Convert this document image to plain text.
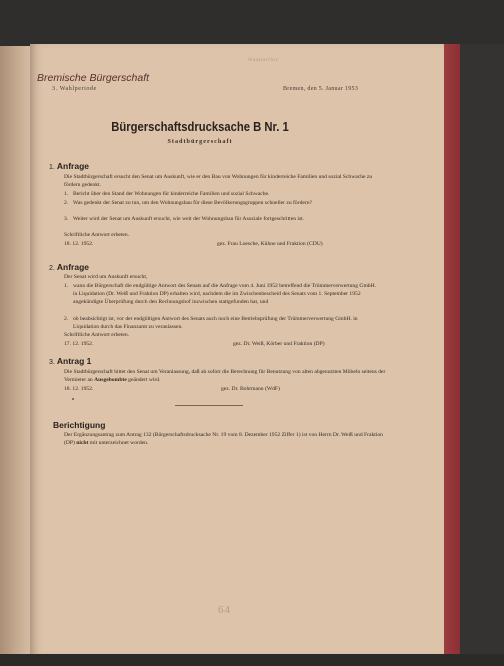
Staatsarchiv
Bremische Bürgerschaft
3. Wahlperiode	Bremen, den 5. Januar 1953
Bürgerschaftsdrucksache B Nr. 1
Stadtbürgerschaft
1. Anfrage
Die Stadtbürgerschaft ersucht den Senat um Auskunft, wie er den Bau von Wohnungen für kinderreiche Familien und sozial Schwache zu fördern gedenkt.
1. Bericht über den Stand der Wohnungen für kinderreiche Familien und sozial Schwache.
2. Was gedenkt der Senat zu tun, um den Wohnungsbau für diese Bevölkerungsgruppen schneller zu fördern?
3. Weiter wird der Senat um Auskunft ersucht, wie weit der Wohnungsbau für Asoziale fortgeschritten ist.
Schriftliche Antwort erbeten.
18. 12. 1952.	gez. Frau Loesche, Kühne und Fraktion (CDU)
2. Anfrage
Der Senat wird um Auskunft ersucht,
1. wann die Bürgerschaft die endgültige Antwort des Senats auf die Anfrage vom 4. Juni 1952 betreffend die Trümmerverwertung GmbH. in Liquidation (Dr. Weiß und Fraktion DP) erhalten wird, nachdem die im Zwischenbescheid des Senats vom 1. September 1952 angekündigte Überprüfung durch den Rechnungshof inzwischen stattgefunden hat, und
2. ob beabsichtigt ist, vor der endgültigen Antwort des Senats auch noch eine Betriebsprüfung der Trümmerverwertung GmbH. in Liquidation durch das Finanzamt zu veranlassen.
Schriftliche Antwort erbeten.
17. 12. 1952.	gez. Dr. Weiß, Körber und Fraktion (DP)
3. Antrag 1
Die Stadtbürgerschaft bittet den Senat um Veranlassung, daß ab sofort die Berechnung für Benutzung von alten abgenutzten Möbeln seitens der Vermieter an Ausgebombte geändert wird.
18. 12. 1952.	gez. Dr. Bohrmann (WdF)
Berichtigung
Der Ergänzungsantrag zum Antrag 132 (Bürgerschaftsdrucksache Nr. 19 vom 8. Dezember 1952 Ziffer 1) ist von Herrn Dr. Weiß und Fraktion (DP) nicht mit unterzeichnet worden.
64
